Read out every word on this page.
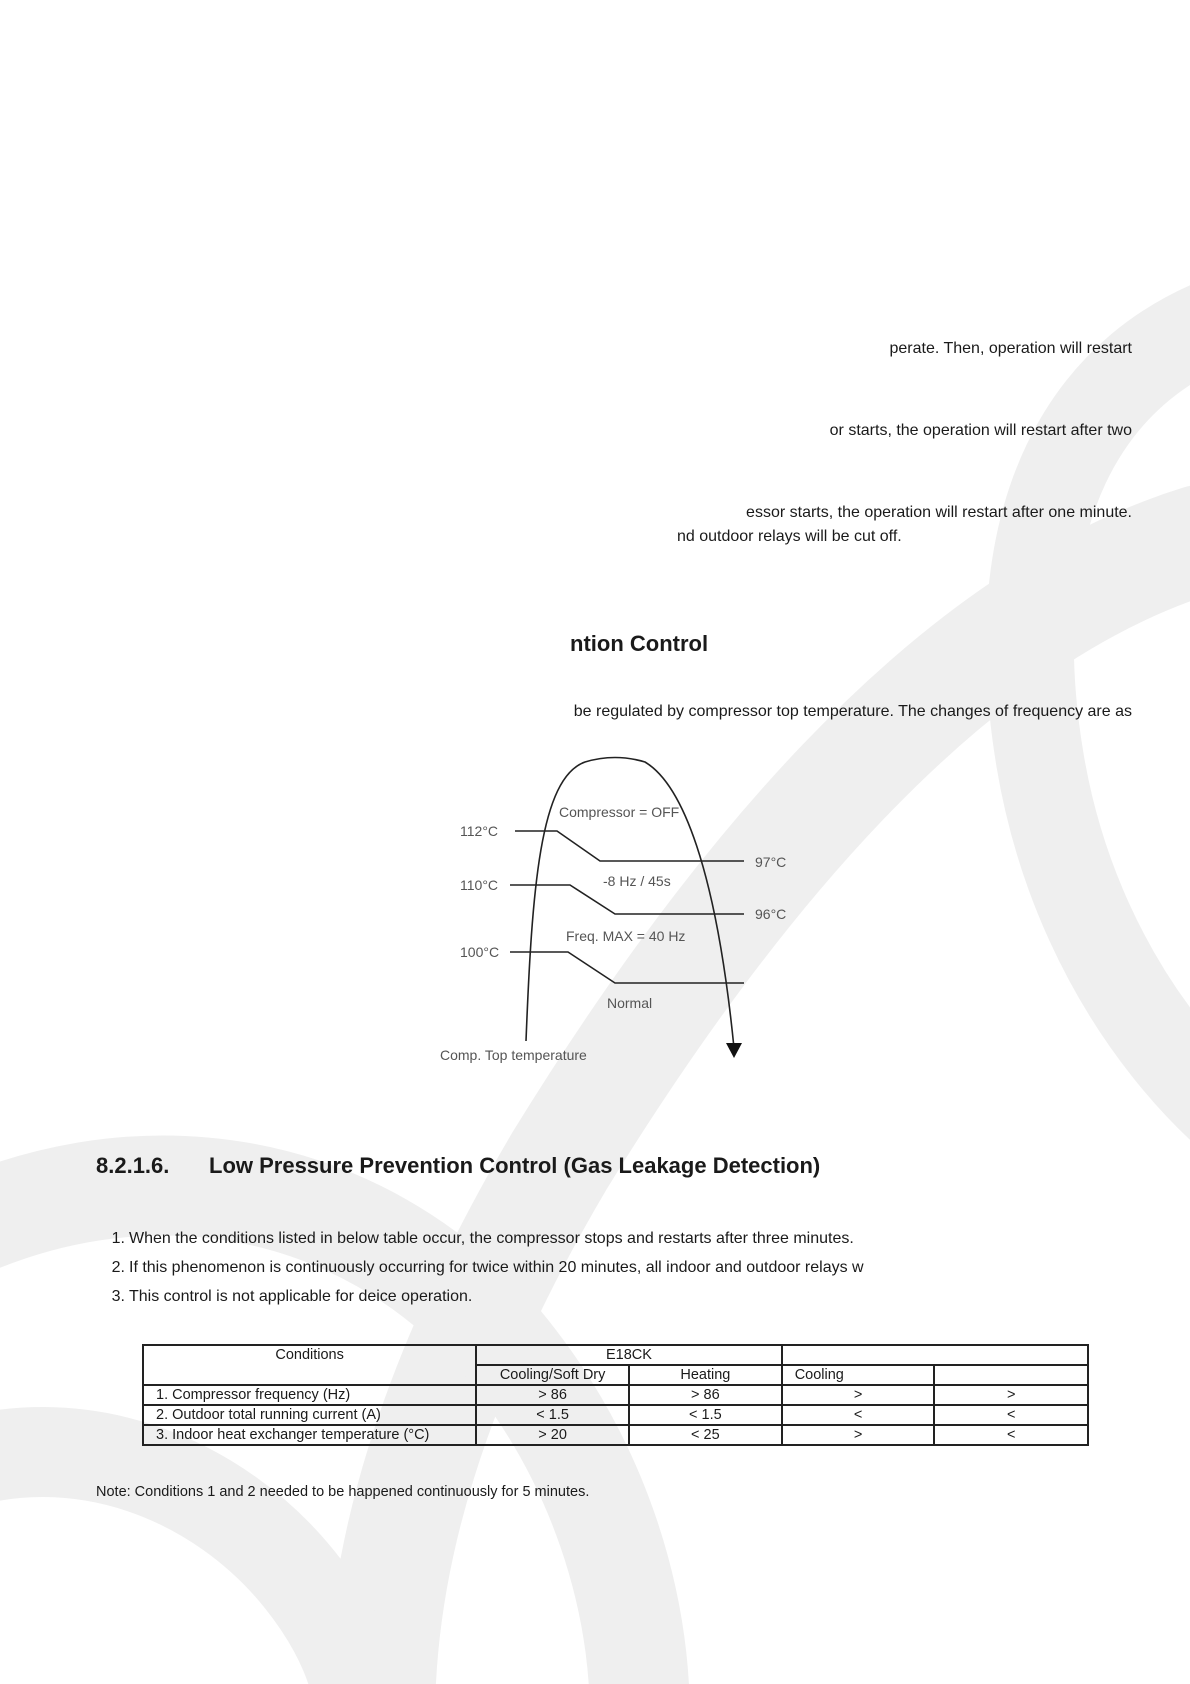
perate. Then, operation will restart
or starts, the operation will restart after two
essor starts, the operation will restart after one minute.
nd outdoor relays will be cut off.
ntion Control
be regulated by compressor top temperature. The changes of frequency are as
112°C
110°C
100°C
97°C
96°C
Compressor = OFF
-8 Hz / 45s
Freq. MAX = 40 Hz
Normal
Comp. Top temperature
8.2.1.6. Low Pressure Prevention Control (Gas Leakage Detection)
1. When the conditions listed in below table occur, the compressor stops and restarts after three minutes.
2. If this phenomenon is continuously occurring for twice within 20 minutes, all indoor and outdoor relays w
3. This control is not applicable for deice operation.
Conditions	E18CK			
	Cooling/Soft Dry	Heating	Cooling	
1. Compressor frequency (Hz)	> 86	> 86	>	>
2. Outdoor total running current (A)	< 1.5	< 1.5	<	<
3. Indoor heat exchanger temperature (°C)	> 20	< 25	>	<
Note: Conditions 1 and 2 needed to be happened continuously for 5 minutes.
